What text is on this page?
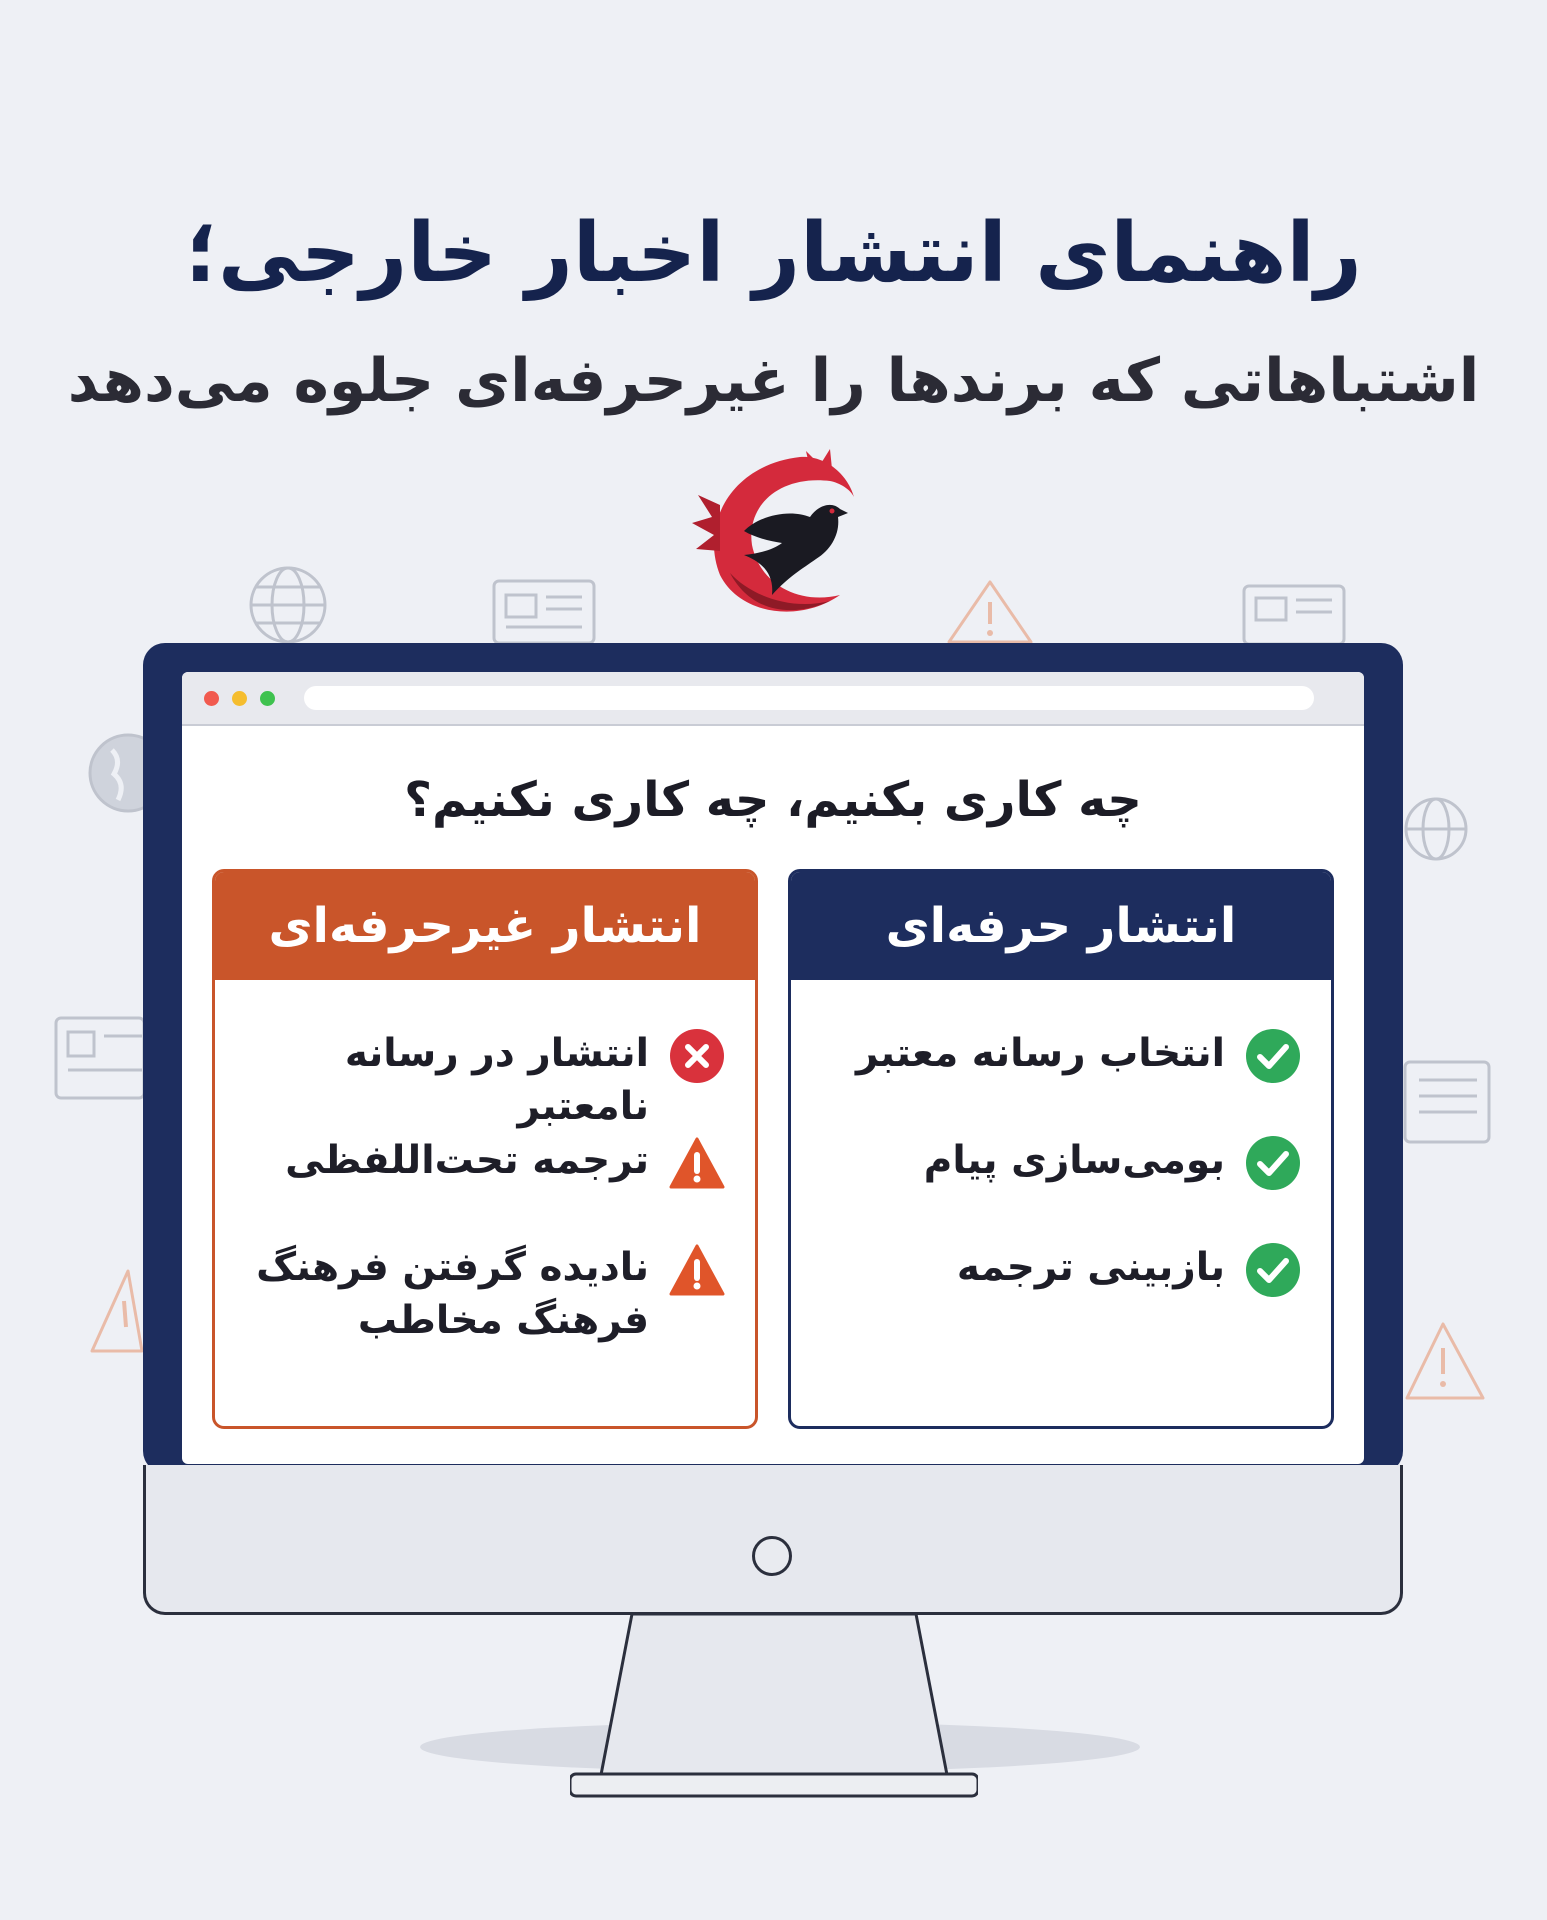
راهنمای انتشار اخبار خارجی؛
اشتباهاتی که برندها را غیرحرفه‌ای جلوه می‌دهد
چه کاری بکنیم، چه کاری نکنیم؟
انتشار حرفه‌ای
انتخاب رسانه معتبر
بومی‌سازی پیام
بازبینی ترجمه
انتشار غیرحرفه‌ای
انتشار در رسانه نامعتبر
ترجمه تحت‌اللفظی
نادیده گرفتن فرهنگ فرهنگ مخاطب
